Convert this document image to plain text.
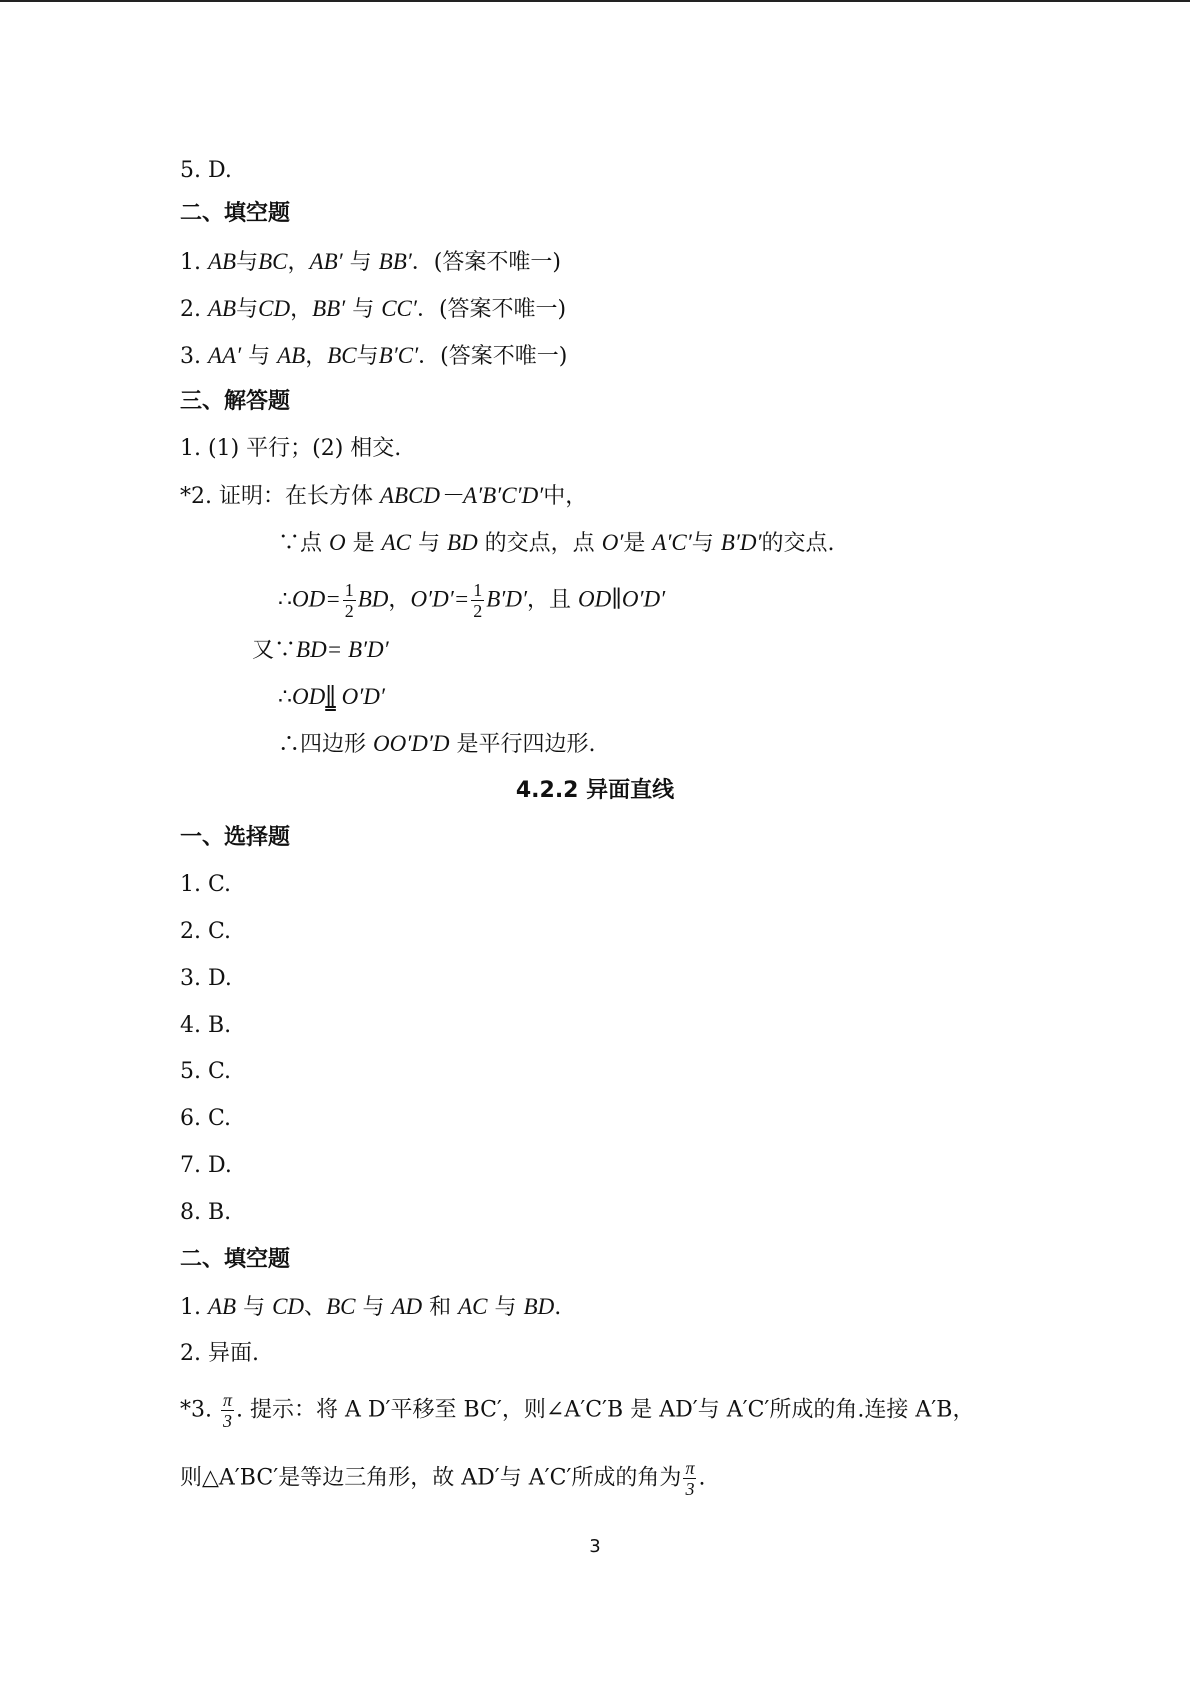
5. D.
二、填空题
1. AB与BC，AB′ 与 BB′．(答案不唯一)
2. AB与CD，BB′ 与 CC′．(答案不唯一)
3. AA′ 与 AB，BC与B′C′．(答案不唯一)
三、解答题
1. (1) 平行；(2) 相交.
*2. 证明：在长方体 ABCD－A′B′C′D′中，
∵点 O 是 AC 与 BD 的交点，点 O′是 A′C′与 B′D′的交点.
∴OD= $\frac{1}{2}$ BD，$O'D'= \frac{1}{2} B'D'$，且 OD∥O′D′
又∵BD= B′D′
∴OD∥ O′D′
∴四边形 OO′D′D 是平行四边形.
4.2.2 异面直线
一、选择题
1. C.
2. C.
3. D.
4. B.
5. C.
6. C.
7. D.
8. B.
二、填空题
1. AB 与 CD、BC 与 AD 和 AC 与 BD.
2. 异面.
*3. $\frac{\pi}{3}$ . 提示：将 A D′平移至 BC′，则∠A′C′B 是 AD′与 A′C′所成的角.连接 A′B，
则△A′BC′是等边三角形，故 AD′与 A′C′所成的角为 $\frac{\pi}{3}$ .
3
